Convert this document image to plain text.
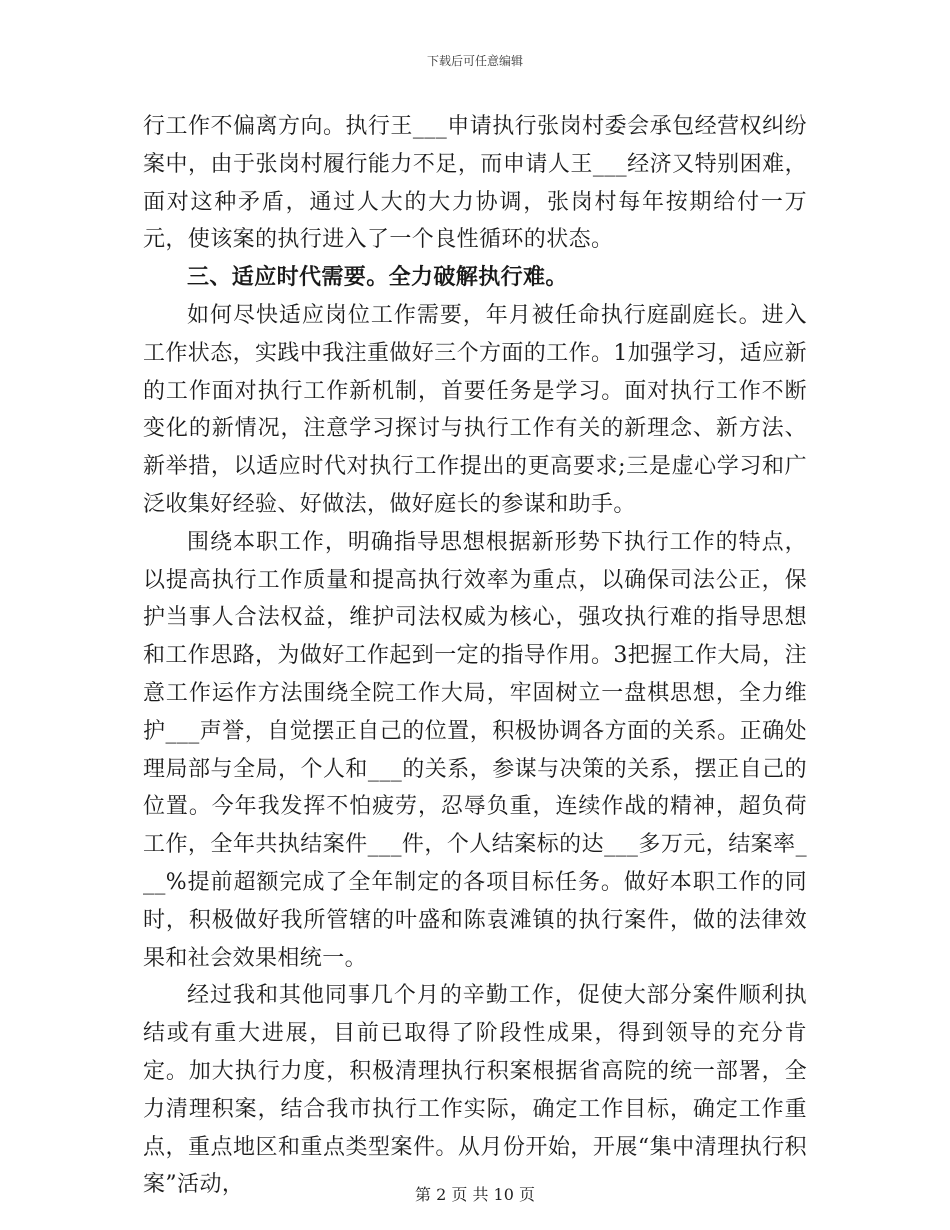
下载后可任意编辑

行工作不偏离方向。执行王___申请执行张岗村委会承包经营权纠纷案中，由于张岗村履行能力不足，而申请人王___经济又特别困难，面对这种矛盾，通过人大的大力协调，张岗村每年按期给付一万元，使该案的执行进入了一个良性循环的状态。

三、适应时代需要。全力破解执行难。

如何尽快适应岗位工作需要，年月被任命执行庭副庭长。进入工作状态，实践中我注重做好三个方面的工作。1加强学习，适应新的工作面对执行工作新机制，首要任务是学习。面对执行工作不断变化的新情况，注意学习探讨与执行工作有关的新理念、新方法、新举措，以适应时代对执行工作提出的更高要求;三是虚心学习和广泛收集好经验、好做法，做好庭长的参谋和助手。

围绕本职工作，明确指导思想根据新形势下执行工作的特点，以提高执行工作质量和提高执行效率为重点，以确保司法公正，保护当事人合法权益，维护司法权威为核心，强攻执行难的指导思想和工作思路，为做好工作起到一定的指导作用。3把握工作大局，注意工作运作方法围绕全院工作大局，牢固树立一盘棋思想，全力维护___声誉，自觉摆正自己的位置，积极协调各方面的关系。正确处理局部与全局，个人和___的关系，参谋与决策的关系，摆正自己的位置。今年我发挥不怕疲劳，忍辱负重，连续作战的精神，超负荷工作，全年共执结案件___件，个人结案标的达___多万元，结案率___%提前超额完成了全年制定的各项目标任务。做好本职工作的同时，积极做好我所管辖的叶盛和陈袁滩镇的执行案件，做的法律效果和社会效果相统一。

经过我和其他同事几个月的辛勤工作，促使大部分案件顺利执结或有重大进展，目前已取得了阶段性成果，得到领导的充分肯定。加大执行力度，积极清理执行积案根据省高院的统一部署，全力清理积案，结合我市执行工作实际，确定工作目标，确定工作重点，重点地区和重点类型案件。从月份开始，开展“集中清理执行积案”活动，	第 2 页 共 10 页
